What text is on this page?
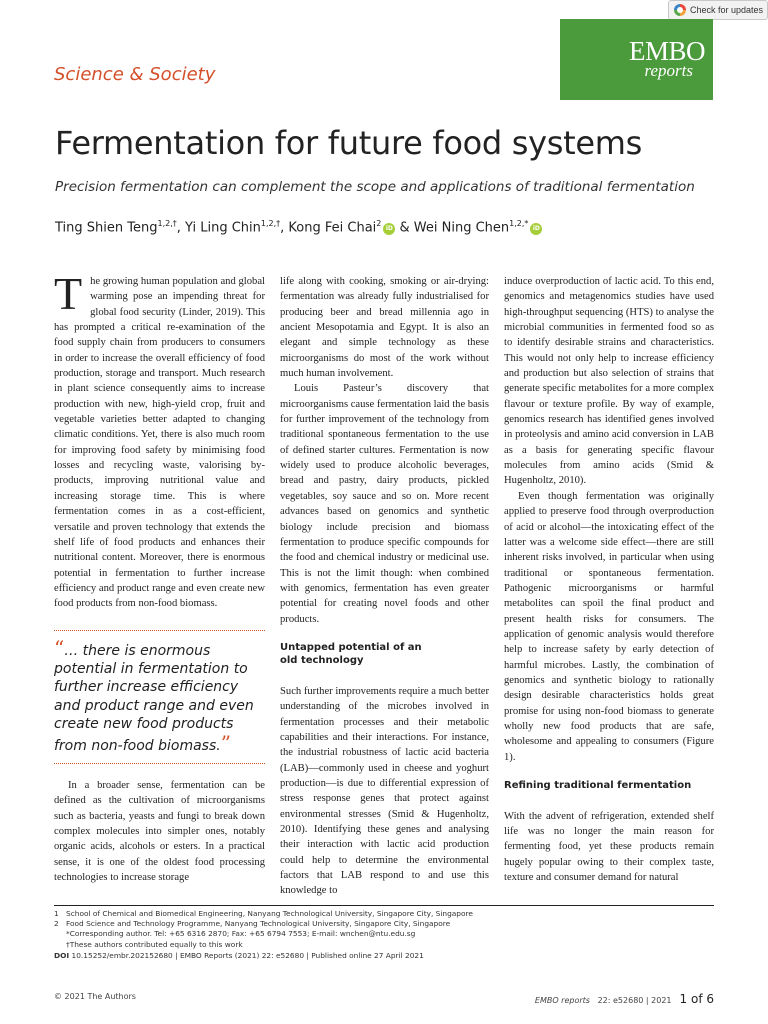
Check for updates
EMBO
reports
Science & Society
Fermentation for future food systems
Precision fermentation can complement the scope and applications of traditional fermentation
Ting Shien Teng$^{1,2,\dagger}$, Yi Ling Chin$^{1,2,\dagger}$, Kong Fei Chai$^2$iD & Wei Ning Chen$^{1,2,*}$iD

The growing human population and global warming pose an impending threat for global food security (Linder, 2019). This has prompted a critical re-examination of the food supply chain from producers to consumers in order to increase the overall efficiency of food production, storage and transport. Much research in plant science consequently aims to increase production with new, high-yield crop, fruit and vegetable varieties better adapted to changing climatic conditions. Yet, there is also much room for improving food safety by minimising food losses and recycling waste, valorising by-products, improving nutritional value and increasing storage time. This is where fermentation comes in as a cost-efficient, versatile and proven technology that extends the shelf life of food products and enhances their nutritional content. Moreover, there is enormous potential in fermentation to further increase efficiency and product range and even create new food products from non-food biomass.

“… there is enormous potential in fermentation to further increase efficiency and product range and even create new food products from non-food biomass.”

In a broader sense, fermentation can be defined as the cultivation of microorganisms such as bacteria, yeasts and fungi to break down complex molecules into simpler ones, notably organic acids, alcohols or esters. In a practical sense, it is one of the oldest food processing technologies to increase storage

life along with cooking, smoking or air-drying: fermentation was already fully industrialised for producing beer and bread millennia ago in ancient Mesopotamia and Egypt. It is also an elegant and simple technology as these microorganisms do most of the work without much human involvement.

Louis Pasteur’s discovery that microorganisms cause fermentation laid the basis for further improvement of the technology from traditional spontaneous fermentation to the use of defined starter cultures. Fermentation is now widely used to produce alcoholic beverages, bread and pastry, dairy products, pickled vegetables, soy sauce and so on. More recent advances based on genomics and synthetic biology include precision and biomass fermentation to produce specific compounds for the food and chemical industry or medicinal use. This is not the limit though: when combined with genomics, fermentation has even greater potential for creating novel foods and other products.

Untapped potential of an old technology

Such further improvements require a much better understanding of the microbes involved in fermentation processes and their metabolic capabilities and their interactions. For instance, the industrial robustness of lactic acid bacteria (LAB)—commonly used in cheese and yoghurt production—is due to differential expression of stress response genes that protect against environmental stresses (Smid & Hugenholtz, 2010). Identifying these genes and analysing their interaction with lactic acid production could help to determine the environmental factors that LAB respond to and use this knowledge to

induce overproduction of lactic acid. To this end, genomics and metagenomics studies have used high-throughput sequencing (HTS) to analyse the microbial communities in fermented food so as to identify desirable strains and characteristics. This would not only help to increase efficiency and production but also selection of strains that generate specific metabolites for a more complex flavour or texture profile. By way of example, genomics research has identified genes involved in proteolysis and amino acid conversion in LAB as a basis for generating specific flavour molecules from amino acids (Smid & Hugenholtz, 2010).

Even though fermentation was originally applied to preserve food through overproduction of acid or alcohol—the intoxicating effect of the latter was a welcome side effect—there are still inherent risks involved, in particular when using traditional or spontaneous fermentation. Pathogenic microorganisms or harmful metabolites can spoil the final product and present health risks for consumers. The application of genomic analysis would therefore help to increase safety by early detection of harmful microbes. Lastly, the combination of genomics and synthetic biology to rationally design desirable characteristics holds great promise for using non-food biomass to generate wholly new food products that are safe, wholesome and appealing to consumers (Figure 1).

Refining traditional fermentation

With the advent of refrigeration, extended shelf life was no longer the main reason for fermenting food, yet these products remain hugely popular owing to their complex taste, texture and consumer demand for natural

1 School of Chemical and Biomedical Engineering, Nanyang Technological University, Singapore City, Singapore
2 Food Science and Technology Programme, Nanyang Technological University, Singapore City, Singapore
*Corresponding author. Tel: +65 6316 2870; Fax: +65 6794 7553; E-mail: wnchen@ntu.edu.sg
†These authors contributed equally to this work
DOI
10.15252/embr.202152680 | EMBO Reports (2021) 22: e52680 | Published online 27 April 2021
© 2021 The Authors	EMBO reports
22: e52680 | 2021 1 of 6
